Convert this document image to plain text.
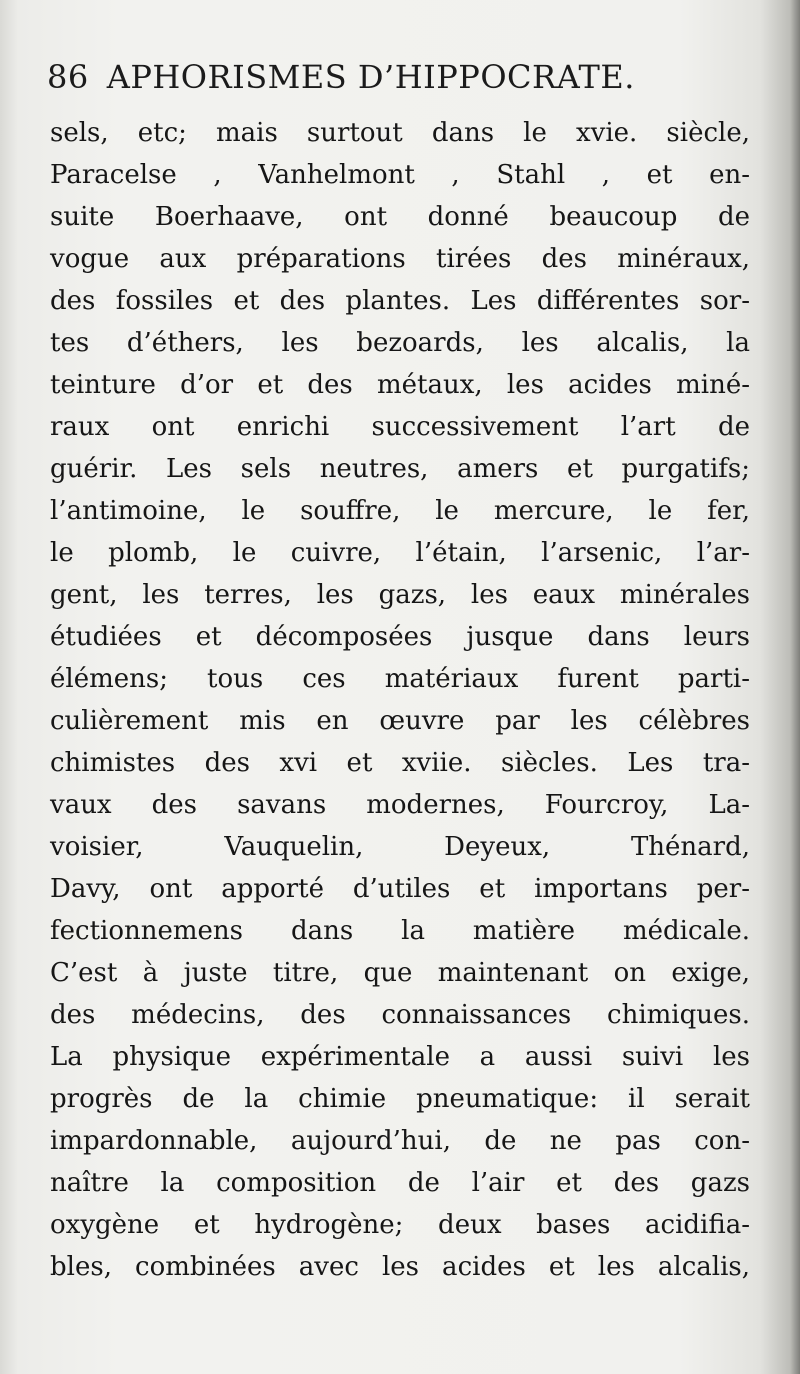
86 APHORISMES D’HIPPOCRATE.
sels, etc; mais surtout dans le xvie. siècle,
Paracelse , Vanhelmont , Stahl , et en-
suite Boerhaave, ont donné beaucoup de
vogue aux préparations tirées des minéraux,
des fossiles et des plantes. Les différentes sor-
tes d’éthers, les bezoards, les alcalis, la
teinture d’or et des métaux, les acides miné-
raux ont enrichi successivement l’art de
guérir. Les sels neutres, amers et purgatifs;
l’antimoine, le souffre, le mercure, le fer,
le plomb, le cuivre, l’étain, l’arsenic, l’ar-
gent, les terres, les gazs, les eaux minérales
étudiées et décomposées jusque dans leurs
élémens; tous ces matériaux furent parti-
culièrement mis en œuvre par les célèbres
chimistes des xvi et xviie. siècles. Les tra-
vaux des savans modernes, Fourcroy, La-
voisier, Vauquelin, Deyeux, Thénard,
Davy, ont apporté d’utiles et importans per-
fectionnemens dans la matière médicale.
C’est à juste titre, que maintenant on exige,
des médecins, des connaissances chimiques.
La physique expérimentale a aussi suivi les
progrès de la chimie pneumatique: il serait
impardonnable, aujourd’hui, de ne pas con-
naître la composition de l’air et des gazs
oxygène et hydrogène; deux bases acidifia-
bles, combinées avec les acides et les alcalis,
